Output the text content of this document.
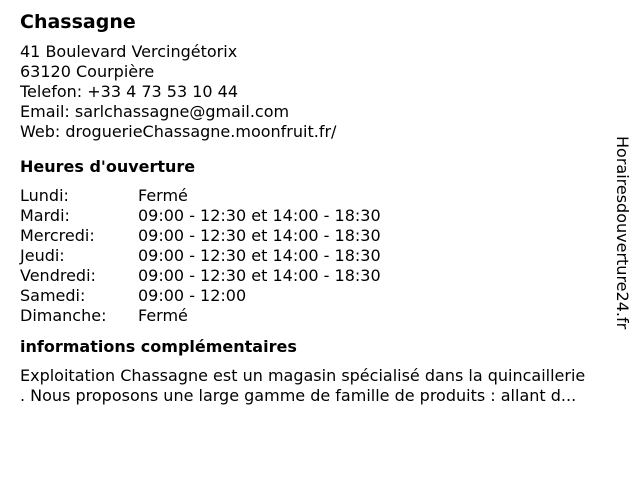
Chassagne
41 Boulevard Vercingétorix
63120 Courpière
Telefon: +33 4 73 53 10 44
Email: sarlchassagne@gmail.com
Web: droguerieChassagne.moonfruit.fr/
Heures d'ouverture
Lundi:	Fermé
Mardi:	09:00 - 12:30 et 14:00 - 18:30
Mercredi:	09:00 - 12:30 et 14:00 - 18:30
Jeudi:	09:00 - 12:30 et 14:00 - 18:30
Vendredi:	09:00 - 12:30 et 14:00 - 18:30
Samedi:	09:00 - 12:00
Dimanche:	Fermé
informations complémentaires
Exploitation Chassagne est un magasin spécialisé dans la quincaillerie
. Nous proposons une large gamme de famille de produits : allant d...
Horairesdouverture24.fr
